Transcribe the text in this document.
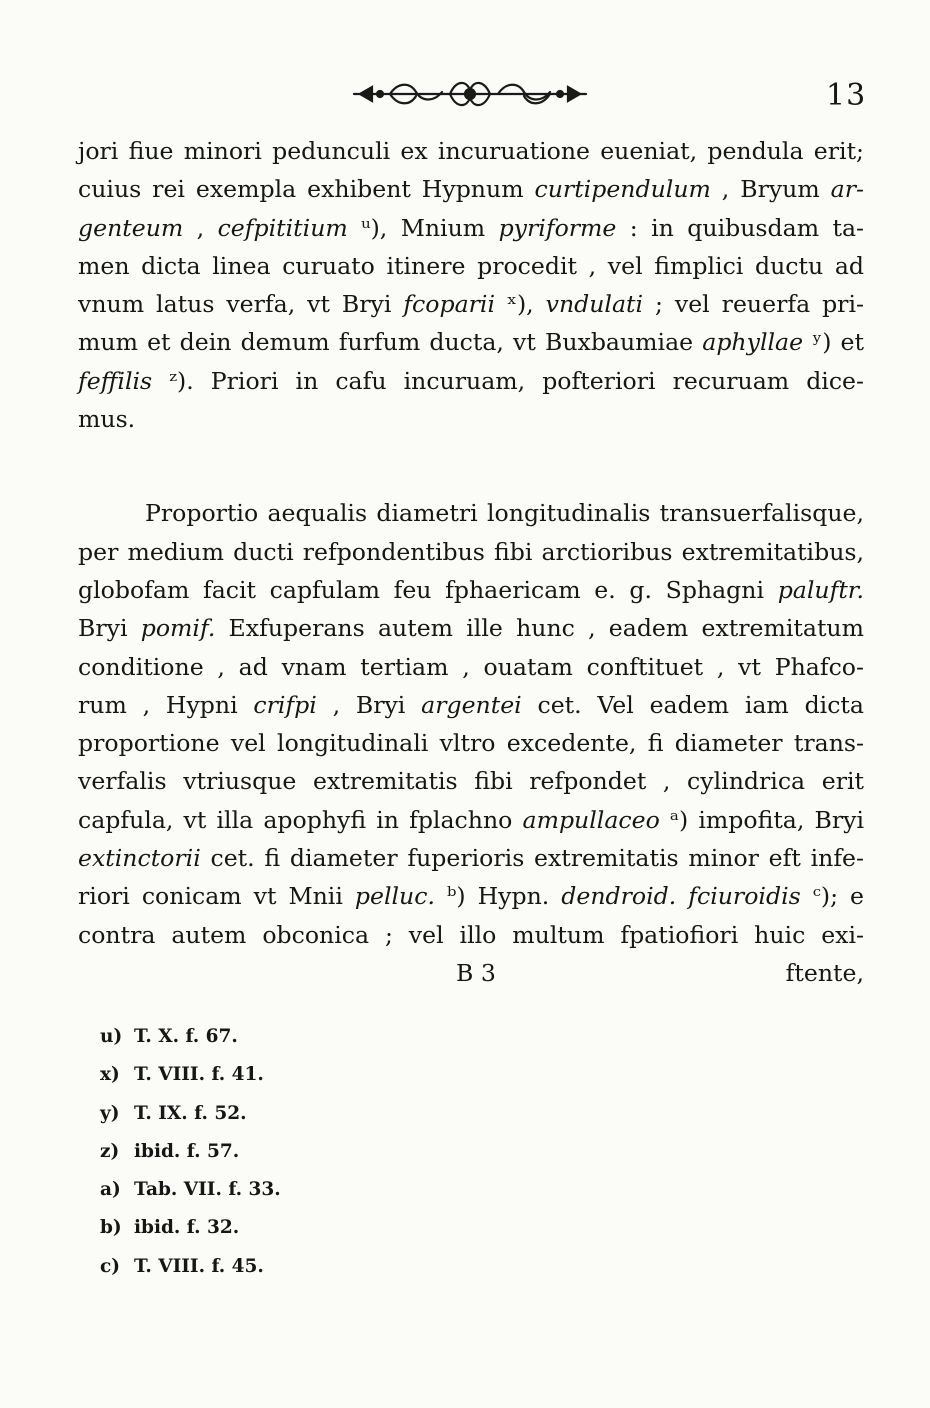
13
jori fiue minori pedunculi ex incuruatione eueniat, pendula erit;
cuius rei exempla exhibent Hypnum curtipendulum , Bryum ar-
genteum , cefpititium ᵘ), Mnium pyriforme : in quibusdam ta-
men dicta linea curuato itinere procedit , vel fimplici ductu ad
vnum latus verfa, vt Bryi fcoparii ˣ), vndulati ; vel reuerfa pri-
mum et dein demum furfum ducta, vt Buxbaumiae aphyllae ʸ) et
feffilis ᶻ). Priori in cafu incuruam, pofteriori recuruam dice-
mus.
Proportio aequalis diametri longitudinalis transuerfalisque,
per medium ducti refpondentibus fibi arctioribus extremitatibus,
globofam facit capfulam feu fphaericam e. g. Sphagni paluftr.
Bryi pomif. Exfuperans autem ille hunc , eadem extremitatum
conditione , ad vnam tertiam , ouatam conftituet , vt Phafco-
rum , Hypni crifpi , Bryi argentei cet. Vel eadem iam dicta
proportione vel longitudinali vltro excedente, fi diameter trans-
verfalis vtriusque extremitatis fibi refpondet , cylindrica erit
capfula, vt illa apophyfi in fplachno ampullaceo ᵃ) impofita, Bryi
extinctorii cet. fi diameter fuperioris extremitatis minor eft infe-
riori conicam vt Mnii pelluc. ᵇ) Hypn. dendroid. fciuroidis ᶜ); e
contra autem obconica ; vel illo multum fpatiofiori huic exi-
B 3	ftente,
u) T. X. f. 67.
x) T. VIII. f. 41.
y) T. IX. f. 52.
z) ibid. f. 57.
a) Tab. VII. f. 33.
b) ibid. f. 32.
c) T. VIII. f. 45.
